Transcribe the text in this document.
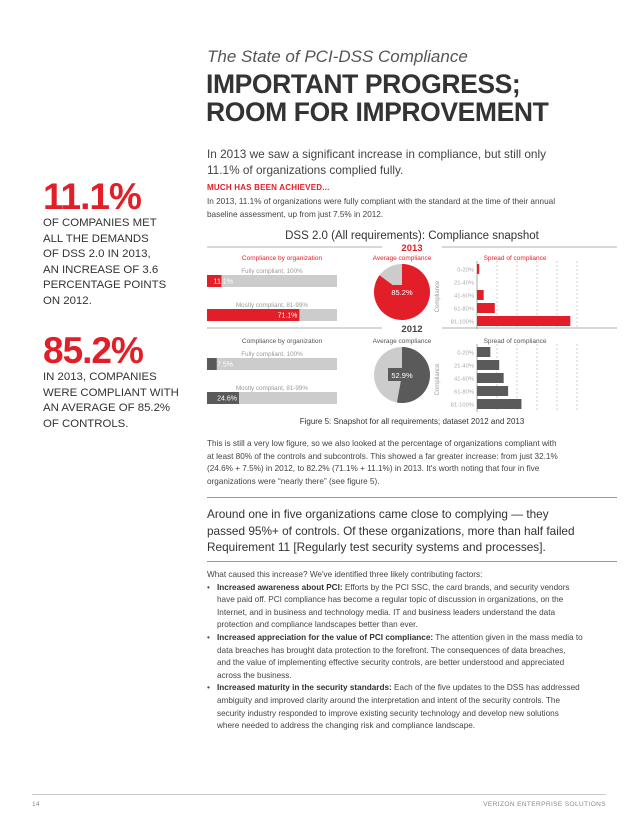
The State of PCI-DSS Compliance
IMPORTANT PROGRESS;
ROOM FOR IMPROVEMENT
In 2013 we saw a significant increase in compliance, but still only
11.1% of organizations complied fully.
11.1%
OF COMPANIES MET
ALL THE DEMANDS
OF DSS 2.0 IN 2013,
AN INCREASE OF 3.6
PERCENTAGE POINTS
ON 2012.
85.2%
IN 2013, COMPANIES
WERE COMPLIANT WITH
AN AVERAGE OF 85.2%
OF CONTROLS.
MUCH HAS BEEN ACHIEVED...
In 2013, 11.1% of organizations were fully compliant with the standard at the time of their annual
baseline assessment, up from just 7.5% in 2012.
DSS 2.0 (All requirements): Compliance snapshot
2013
2012
Compliance by organization	Average compliance	Spread of compliance
Compliance by organization	Average compliance	Spread of compliance
Fully compliant, 100%
11.1%
Mostly compliant, 81-99%
71.1%
85.2%	Compliance
0-20%
21-40%
41-60%
61-80%
81-100%
Fully compliant, 100%
7.5%
Mostly compliant, 81-99%
24.6%
52.9%	Compliance
0-20%
21-40%
41-60%
61-80%
81-100%
Figure 5: Snapshot for all requirements; dataset 2012 and 2013
This is still a very low figure, so we also looked at the percentage of organizations compliant with
at least 80% of the controls and subcontrols. This showed a far greater increase: from just 32.1%
(24.6% + 7.5%) in 2012, to 82.2% (71.1% + 11.1%) in 2013. It's worth noting that four in five
organizations were “nearly there” (see figure 5).
Around one in five organizations came close to complying — they
passed 95%+ of controls. Of these organizations, more than half failed
Requirement 11 [Regularly test security systems and processes].

What caused this increase? We've identified three likely contributing factors:

• Increased awareness about PCI: Efforts by the PCI SSC, the card brands, and security vendors
have paid off. PCI compliance has become a regular topic of discussion in organizations, on the
Internet, and in business and technology media. IT and business leaders understand the data
protection and compliance landscapes better than ever.
• Increased appreciation for the value of PCI compliance: The attention given in the mass media to
data breaches has brought data protection to the forefront. The consequences of data breaches,
and the value of implementing effective security controls, are better understood and appreciated
across the business.
• Increased maturity in the security standards: Each of the five updates to the DSS has addressed
ambiguity and improved clarity around the interpretation and intent of the security controls. The
security industry responded to improve existing security technology and develop new solutions
where needed to address the changing risk and compliance landscape.
14	VERIZON ENTERPRISE SOLUTIONS
